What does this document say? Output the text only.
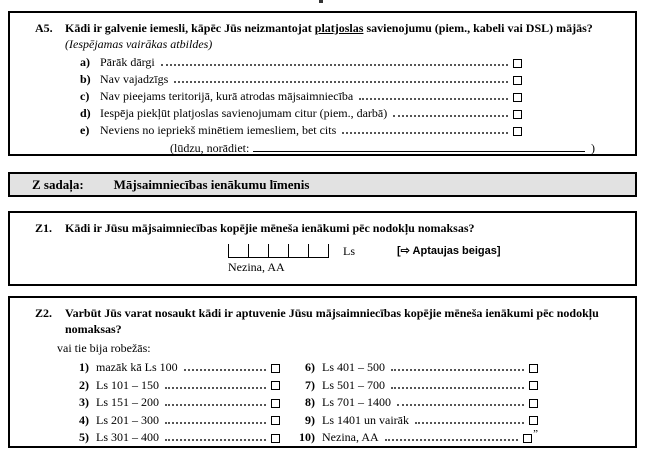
A5.	Kādi ir galvenie iemesli, kāpēc Jūs neizmantojat platjoslas savienojumu (piem., kabeli vai DSL) mājās?
(Iespējamas vairākas atbildes)
a) Pārāk dārgi
b) Nav vajadzīgs
c) Nav pieejams teritorijā, kurā atrodas mājsaimniecība
d) Iespēja piekļūt platjoslas savienojumam citur (piem., darbā)
e) Neviens no iepriekš minētiem iemesliem, bet cits
(lūdzu, norādiet:	)
Z sadaļa: Mājsaimniecības ienākumu līmenis
Z1.	Kādi ir Jūsu mājsaimniecības kopējie mēneša ienākumi pēc nodokļu nomaksas?
Ls	[⇨ Aptaujas beigas]
Nezina, AA
Z2.	Varbūt Jūs varat nosaukt kādi ir aptuvenie Jūsu mājsaimniecības kopējie mēneša ienākumi pēc nodokļu nomaksas?
vai tie bija robežās:
1) mazāk kā Ls 100
2) Ls 101 – 150
3) Ls 151 – 200
4) Ls 201 – 300
5) Ls 301 – 400
6) Ls 401 – 500
7) Ls 501 – 700
8) Ls 701 – 1400
9) Ls 1401 un vairāk
10) Nezina, AA	”
